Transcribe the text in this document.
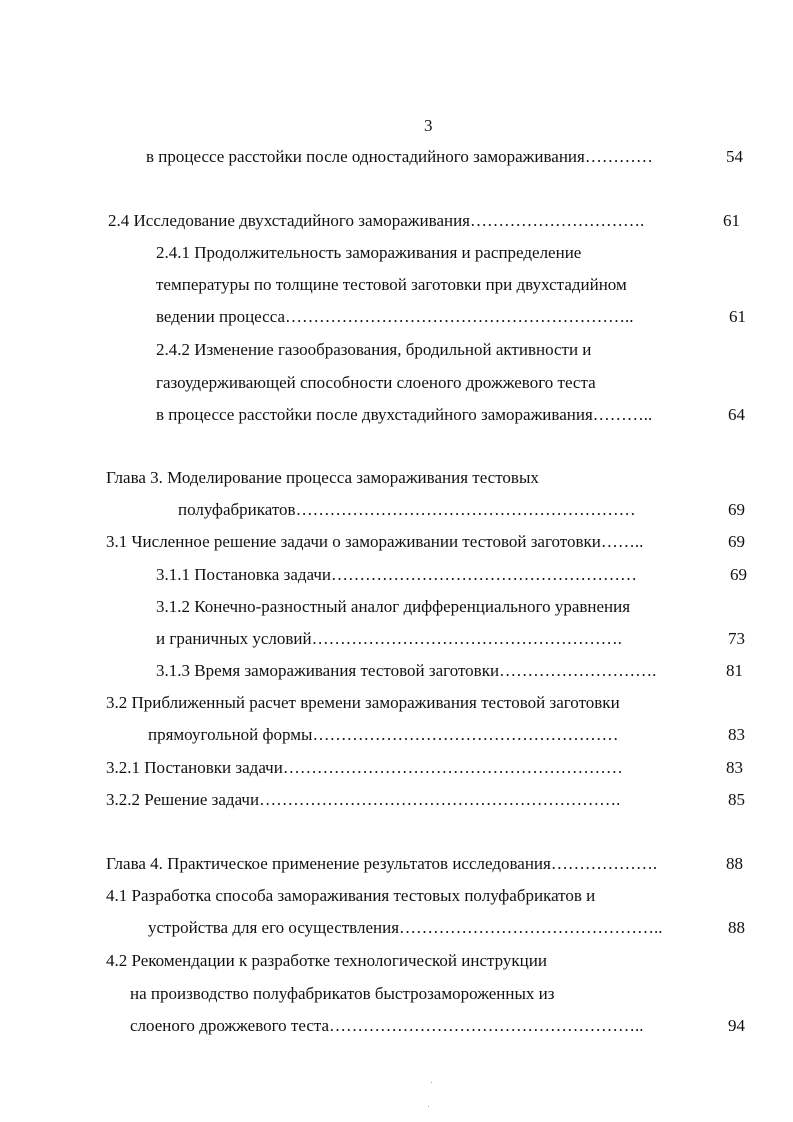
3
в процессе расстойки после одностадийного замораживания…………	54
2.4 Исследование двухстадийного замораживания………………………….	61
2.4.1 Продолжительность замораживания и распределение
температуры по толщине тестовой заготовки при двухстадийном
ведении процесса……………………………………………………..	61
2.4.2 Изменение газообразования, бродильной активности и
газоудерживающей способности слоеного дрожжевого теста
в процессе расстойки после двухстадийного замораживания………..	64
Глава 3. Моделирование процесса замораживания тестовых
полуфабрикатов……………………………………………………	69
3.1 Численное решение задачи о замораживании тестовой заготовки……..	69
3.1.1 Постановка задачи………………………………………………	69
3.1.2 Конечно-разностный аналог дифференциального уравнения
и граничных условий……………………………………………….	73
3.1.3 Время замораживания тестовой заготовки……………………….	81
3.2 Приближенный расчет времени замораживания тестовой заготовки
прямоугольной формы………………………………………………	83
3.2.1 Постановки задачи……………………………………………………	83
3.2.2 Решение задачи……………………………………………………….	85
Глава 4. Практическое применение результатов исследования……………….	88
4.1 Разработка способа замораживания тестовых полуфабрикатов и
устройства для его осуществления………………………………………..	88
4.2 Рекомендации к разработке технологической инструкции
на производство полуфабрикатов быстрозамороженных из
слоеного дрожжевого теста………………………………………………..	94
